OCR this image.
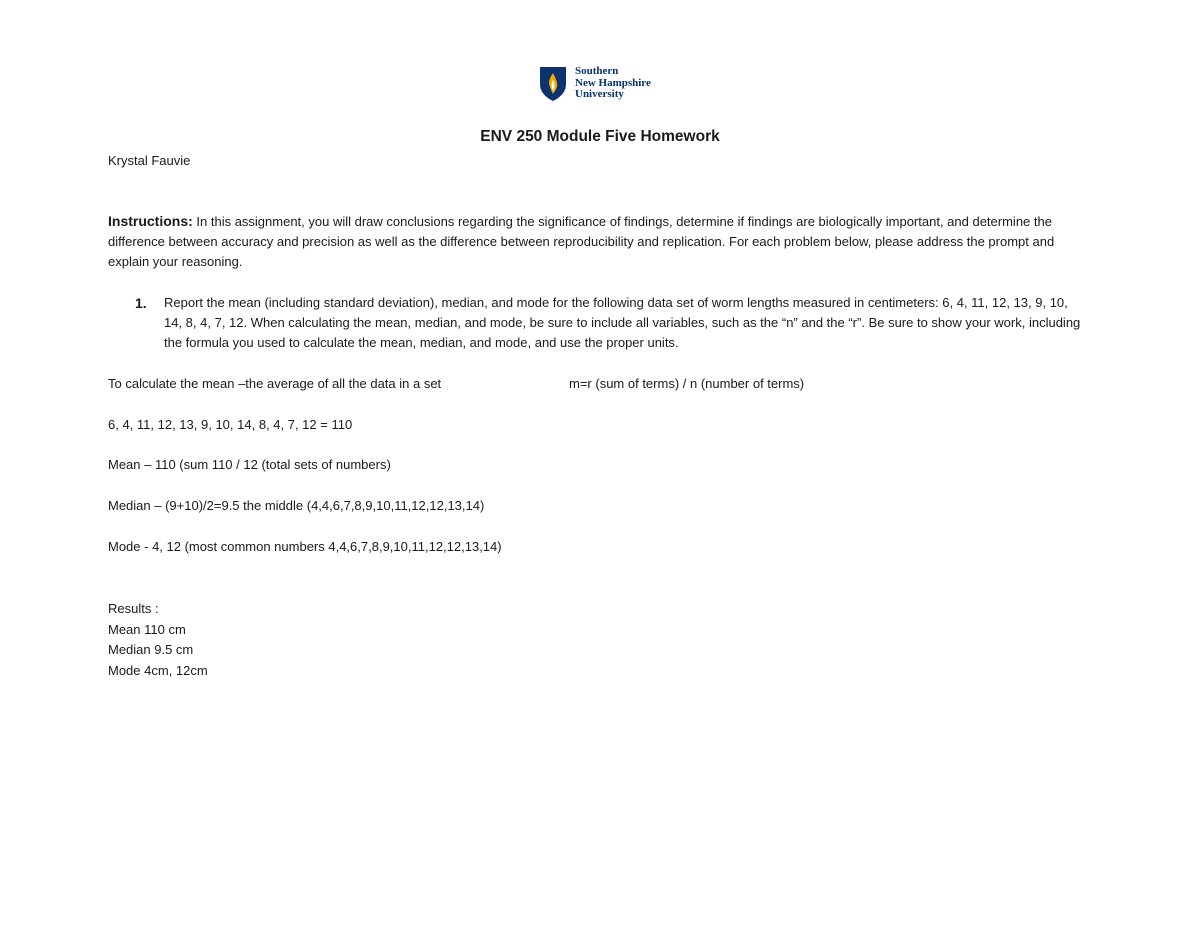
Southern
New Hampshire
University
ENV 250 Module Five Homework
Krystal Fauvie
Instructions: In this assignment, you will draw conclusions regarding the significance of findings, determine if findings are biologically important, and determine the difference between accuracy and precision as well as the difference between reproducibility and replication. For each problem below, please address the prompt and explain your reasoning.
1. Report the mean (including standard deviation), median, and mode for the following data set of worm lengths measured in centimeters: 6, 4, 11, 12, 13, 9, 10, 14, 8, 4, 7, 12. When calculating the mean, median, and mode, be sure to include all variables, such as the “n” and the “r”. Be sure to show your work, including the formula you used to calculate the mean, median, and mode, and use the proper units.
To calculate the mean –the average of all the data in a set	m=r (sum of terms) / n (number of terms)
6, 4, 11, 12, 13, 9, 10, 14, 8, 4, 7, 12 = 110
Mean – 110 (sum 110 / 12 (total sets of numbers)
Median – (9+10)/2=9.5 the middle (4,4,6,7,8,9,10,11,12,12,13,14)
Mode - 4, 12 (most common numbers 4,4,6,7,8,9,10,11,12,12,13,14)
Results :
Mean 110 cm
Median 9.5 cm
Mode 4cm, 12cm
